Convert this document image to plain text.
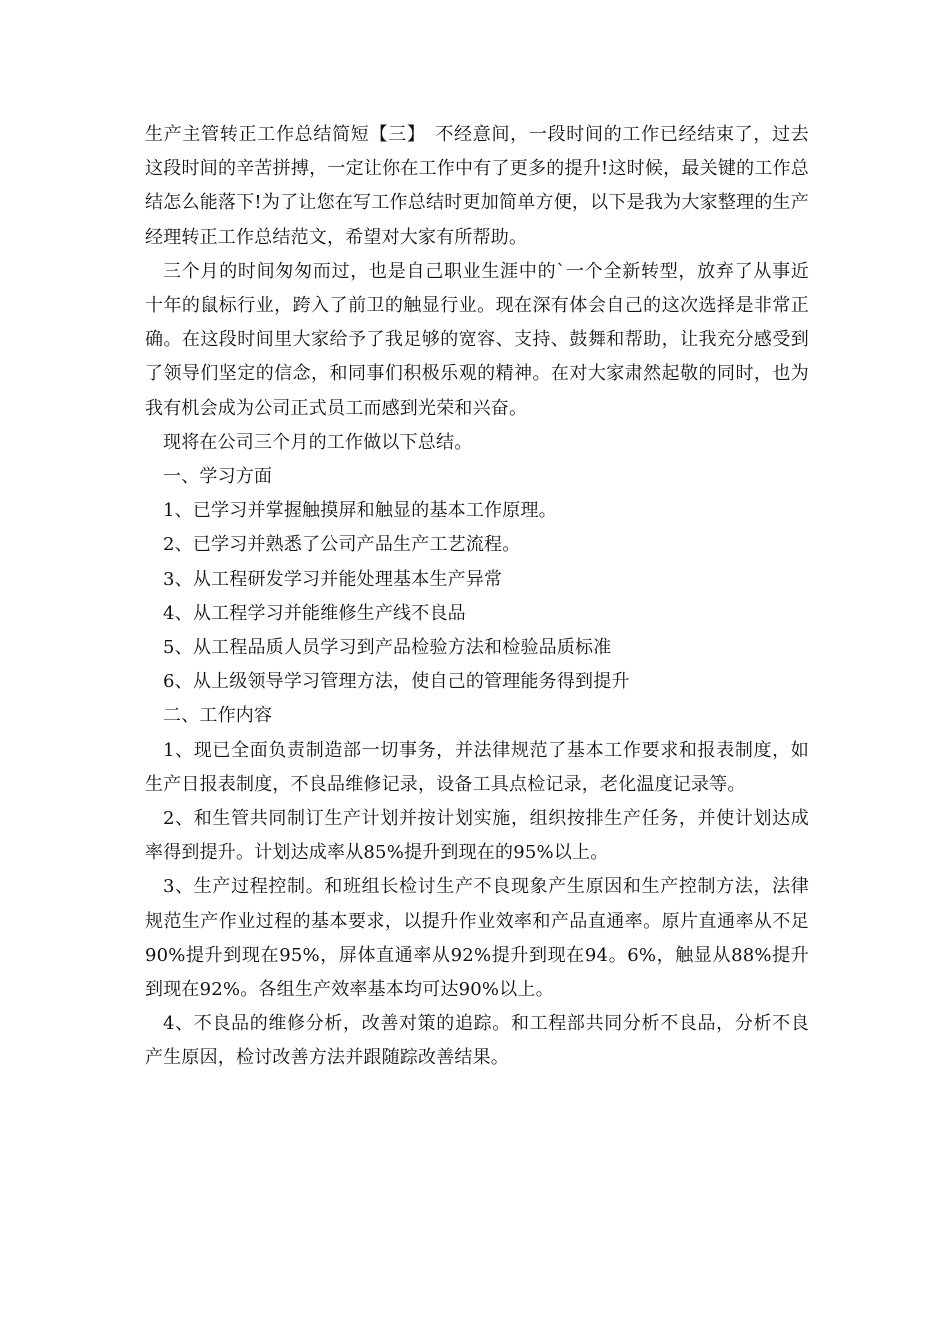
生产主管转正工作总结简短【三】　不经意间，一段时间的工作已经结束了，过去这段时间的辛苦拼搏，一定让你在工作中有了更多的提升!这时候，最关键的工作总结怎么能落下!为了让您在写工作总结时更加简单方便，以下是我为大家整理的生产经理转正工作总结范文，希望对大家有所帮助。

三个月的时间匆匆而过，也是自己职业生涯中的`一个全新转型，放弃了从事近十年的鼠标行业，跨入了前卫的触显行业。现在深有体会自己的这次选择是非常正确。在这段时间里大家给予了我足够的宽容、支持、鼓舞和帮助，让我充分感受到了领导们坚定的信念，和同事们积极乐观的精神。在对大家肃然起敬的同时，也为我有机会成为公司正式员工而感到光荣和兴奋。

现将在公司三个月的工作做以下总结。

一、学习方面

1、已学习并掌握触摸屏和触显的基本工作原理。

2、已学习并熟悉了公司产品生产工艺流程。

3、从工程研发学习并能处理基本生产异常

4、从工程学习并能维修生产线不良品

5、从工程品质人员学习到产品检验方法和检验品质标准

6、从上级领导学习管理方法，使自己的管理能务得到提升

二、工作内容

1、现已全面负责制造部一切事务，并法律规范了基本工作要求和报表制度，如生产日报表制度，不良品维修记录，设备工具点检记录，老化温度记录等。

2、和生管共同制订生产计划并按计划实施，组织按排生产任务，并使计划达成率得到提升。计划达成率从85%提升到现在的95%以上。

3、生产过程控制。和班组长检讨生产不良现象产生原因和生产控制方法，法律规范生产作业过程的基本要求，以提升作业效率和产品直通率。原片直通率从不足90%提升到现在95%，屏体直通率从92%提升到现在94。6%，触显从88%提升到现在92%。各组生产效率基本均可达90%以上。

4、不良品的维修分析，改善对策的追踪。和工程部共同分析不良品，分析不良产生原因，检讨改善方法并跟随踪改善结果。
